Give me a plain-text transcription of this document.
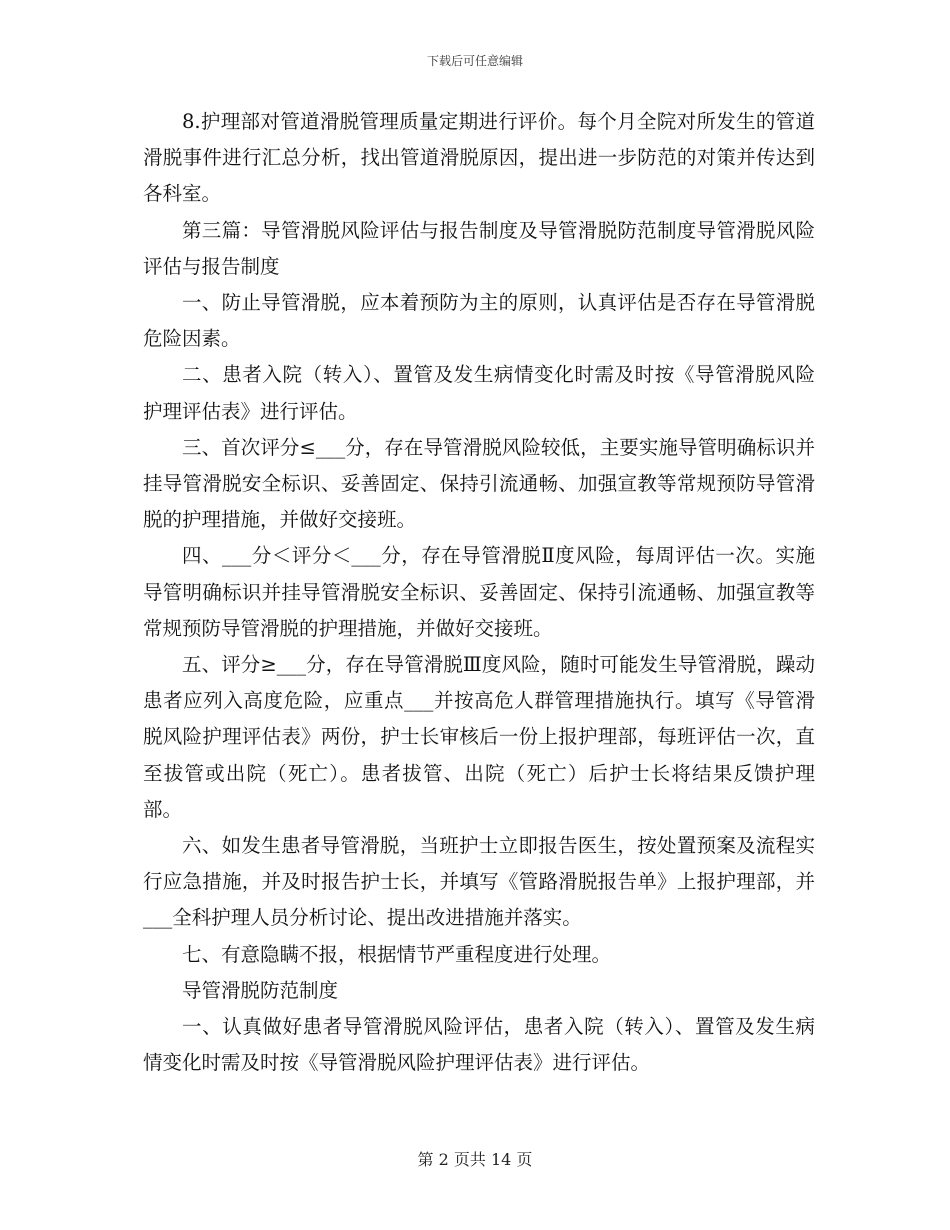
下载后可任意编辑

8.护理部对管道滑脱管理质量定期进行评价。每个月全院对所发生的管道滑脱事件进行汇总分析，找出管道滑脱原因，提出进一步防范的对策并传达到各科室。

第三篇：导管滑脱风险评估与报告制度及导管滑脱防范制度导管滑脱风险评估与报告制度

一、防止导管滑脱，应本着预防为主的原则，认真评估是否存在导管滑脱危险因素。

二、患者入院（转入）、置管及发生病情变化时需及时按《导管滑脱风险护理评估表》进行评估。

三、首次评分≤___分，存在导管滑脱风险较低，主要实施导管明确标识并挂导管滑脱安全标识、妥善固定、保持引流通畅、加强宣教等常规预防导管滑脱的护理措施，并做好交接班。

四、___分＜评分＜___分，存在导管滑脱Ⅱ度风险，每周评估一次。实施导管明确标识并挂导管滑脱安全标识、妥善固定、保持引流通畅、加强宣教等常规预防导管滑脱的护理措施，并做好交接班。

五、评分≥___分，存在导管滑脱Ⅲ度风险，随时可能发生导管滑脱，躁动患者应列入高度危险，应重点___并按高危人群管理措施执行。填写《导管滑脱风险护理评估表》两份，护士长审核后一份上报护理部，每班评估一次，直至拔管或出院（死亡）。患者拔管、出院（死亡）后护士长将结果反馈护理部。

六、如发生患者导管滑脱，当班护士立即报告医生，按处置预案及流程实行应急措施，并及时报告护士长，并填写《管路滑脱报告单》上报护理部，并___全科护理人员分析讨论、提出改进措施并落实。

七、有意隐瞒不报，根据情节严重程度进行处理。

导管滑脱防范制度

一、认真做好患者导管滑脱风险评估，患者入院（转入）、置管及发生病情变化时需及时按《导管滑脱风险护理评估表》进行评估。

第 2 页共 14 页
